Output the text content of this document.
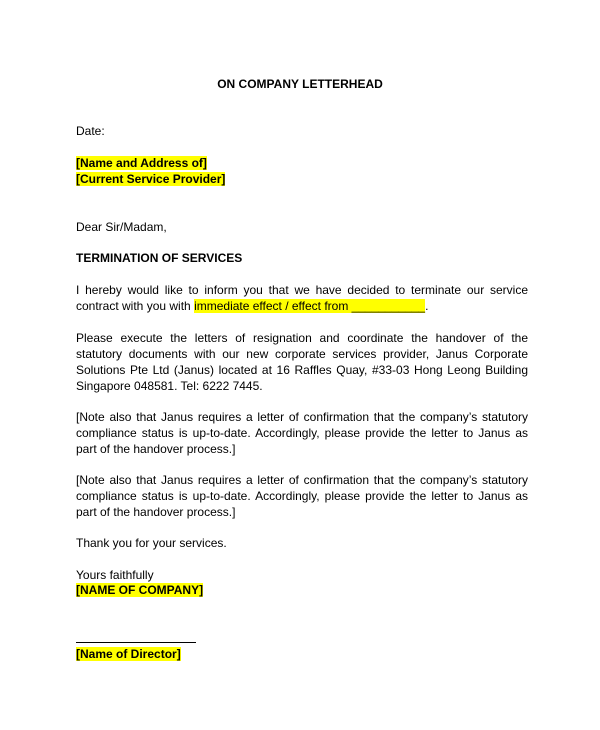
ON COMPANY LETTERHEAD
Date:
[Name and Address of]
[Current Service Provider]
Dear Sir/Madam,
TERMINATION OF SERVICES
I hereby would like to inform you that we have decided to terminate our service contract with you with immediate effect / effect from ___________.
Please execute the letters of resignation and coordinate the handover of the statutory documents with our new corporate services provider, Janus Corporate Solutions Pte Ltd (Janus) located at 16 Raffles Quay, #33-03 Hong Leong Building Singapore 048581. Tel: 6222 7445.
[Note also that Janus requires a letter of confirmation that the company’s statutory compliance status is up-to-date. Accordingly, please provide the letter to Janus as part of the handover process.]
[Note also that Janus requires a letter of confirmation that the company’s statutory compliance status is up-to-date. Accordingly, please provide the letter to Janus as part of the handover process.]
Thank you for your services.
Yours faithfully
[NAME OF COMPANY]
[Name of Director]
